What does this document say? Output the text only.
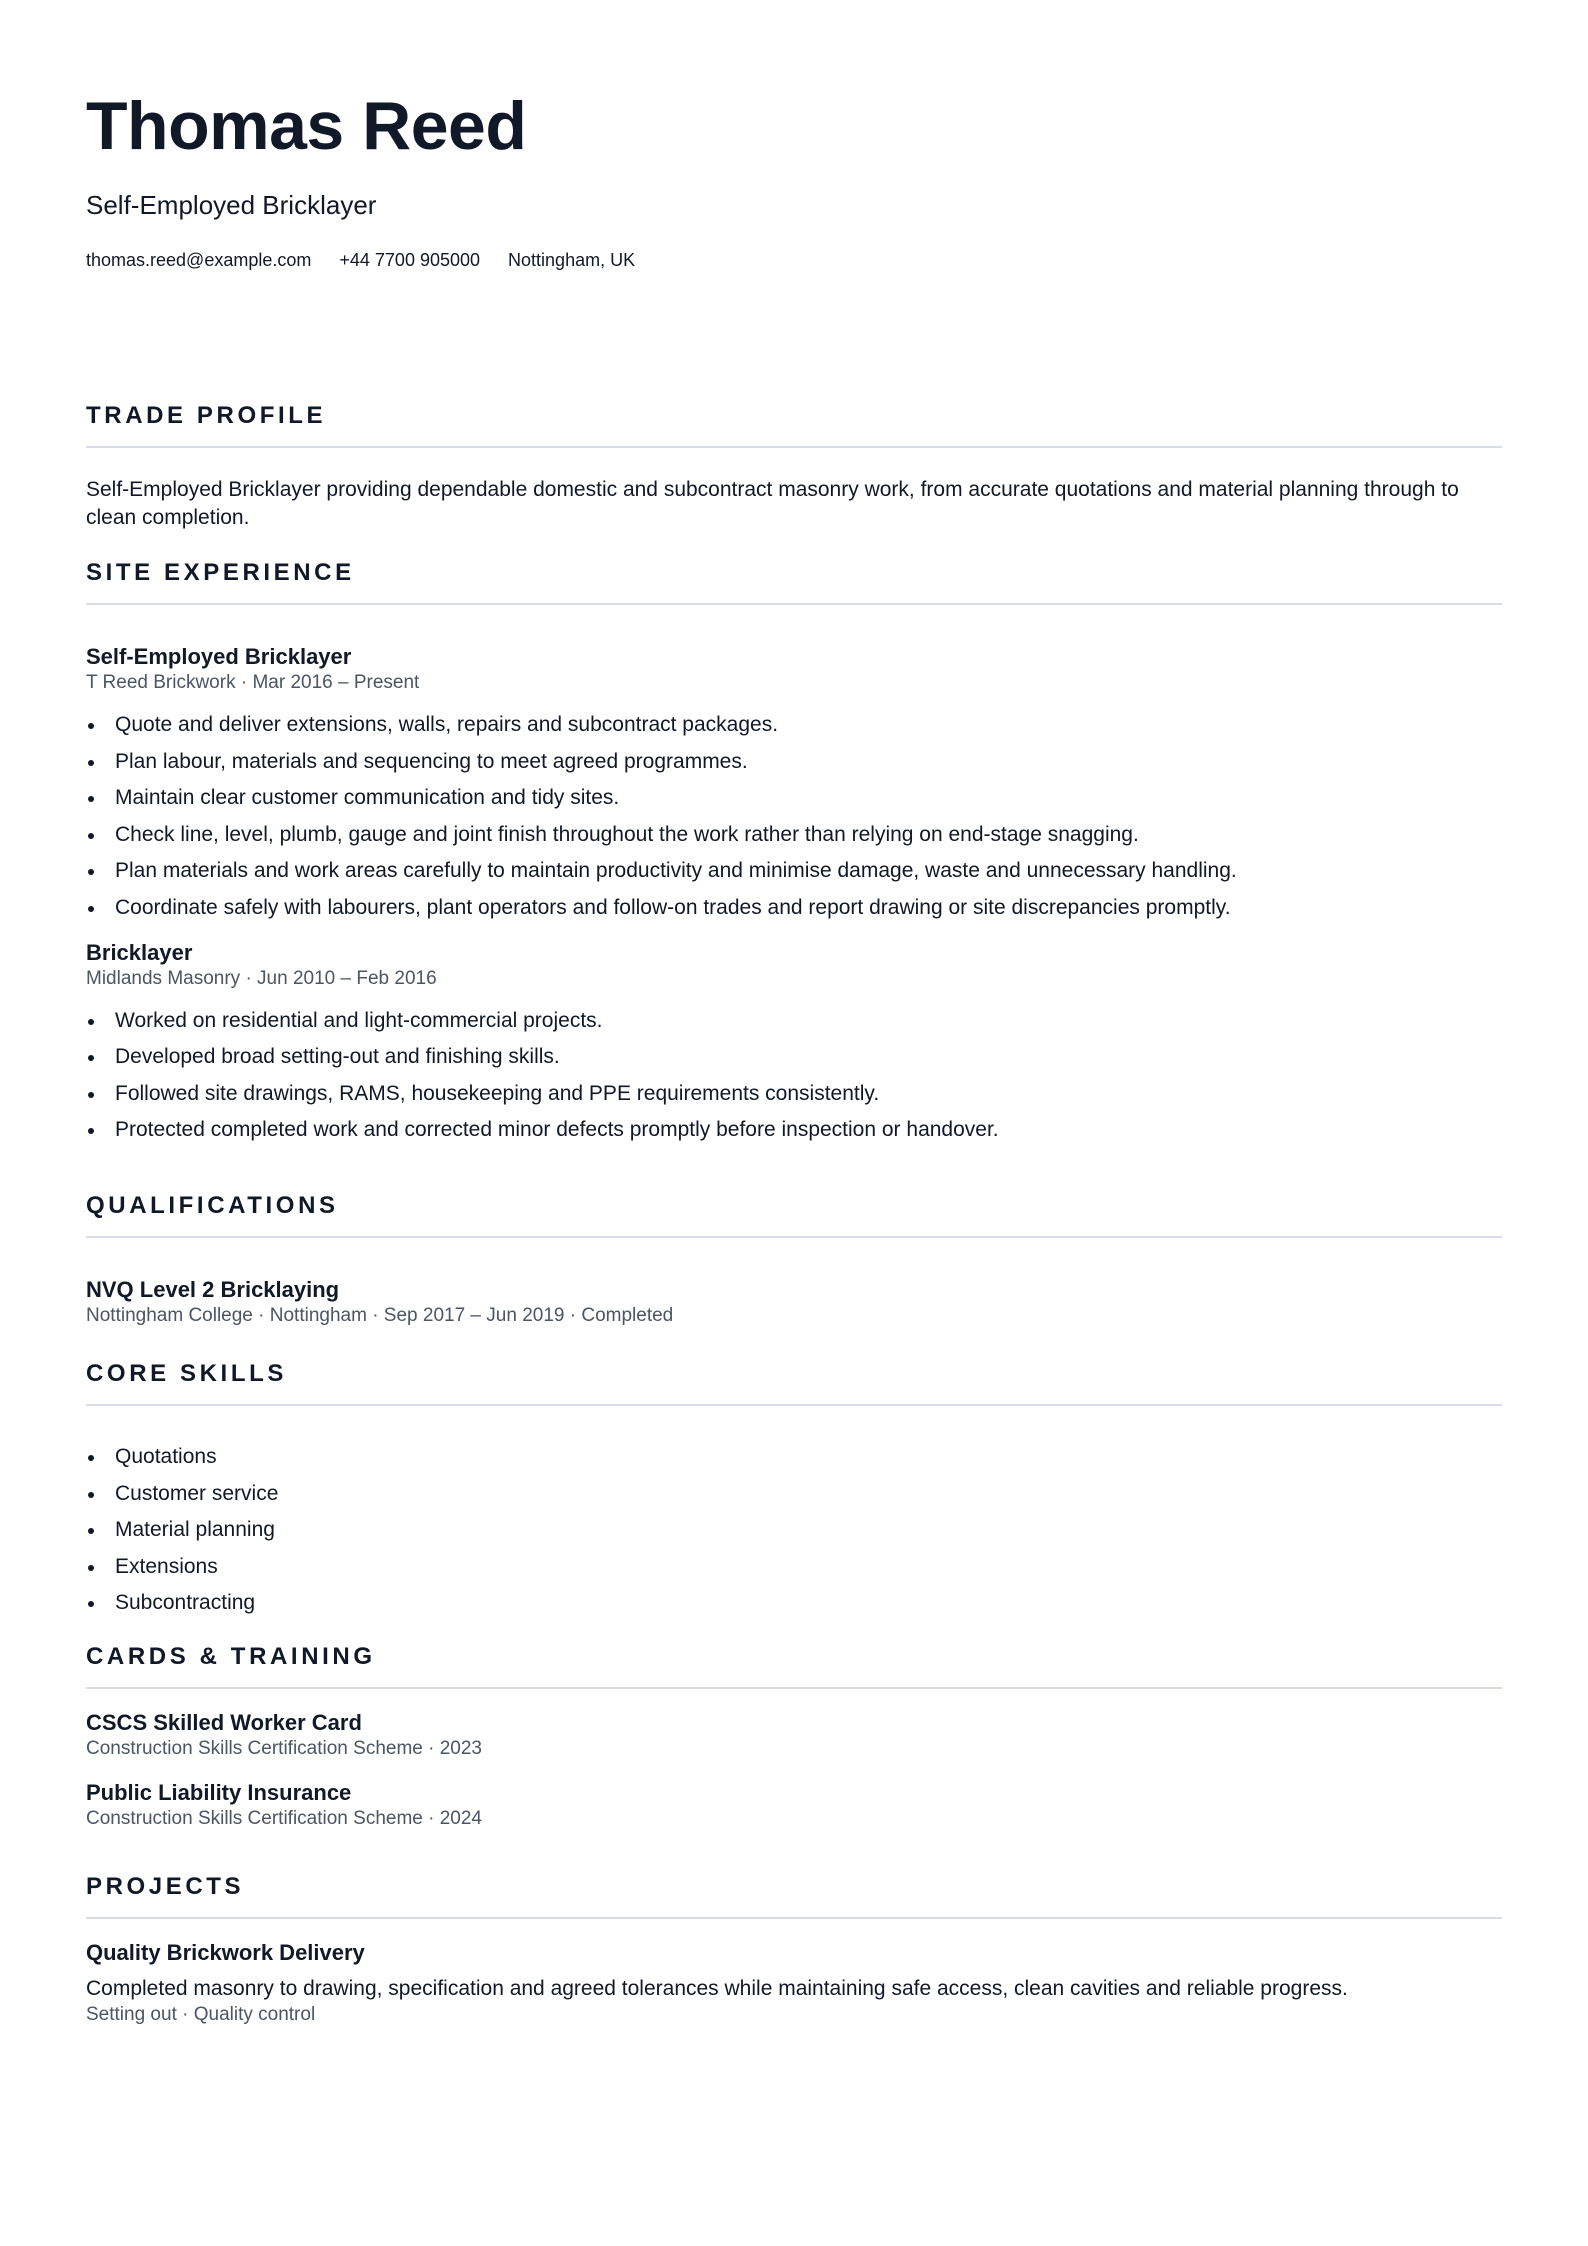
Thomas Reed
Self-Employed Bricklayer
thomas.reed@example.com +44 7700 905000 Nottingham, UK
TRADE PROFILE
Self-Employed Bricklayer providing dependable domestic and subcontract masonry work, from accurate quotations and material planning through to clean completion.
SITE EXPERIENCE
Self-Employed Bricklayer
T Reed Brickwork · Mar 2016 – Present
Quote and deliver extensions, walls, repairs and subcontract packages.
Plan labour, materials and sequencing to meet agreed programmes.
Maintain clear customer communication and tidy sites.
Check line, level, plumb, gauge and joint finish throughout the work rather than relying on end-stage snagging.
Plan materials and work areas carefully to maintain productivity and minimise damage, waste and unnecessary handling.
Coordinate safely with labourers, plant operators and follow-on trades and report drawing or site discrepancies promptly.
Bricklayer
Midlands Masonry · Jun 2010 – Feb 2016
Worked on residential and light-commercial projects.
Developed broad setting-out and finishing skills.
Followed site drawings, RAMS, housekeeping and PPE requirements consistently.
Protected completed work and corrected minor defects promptly before inspection or handover.
QUALIFICATIONS
NVQ Level 2 Bricklaying
Nottingham College · Nottingham · Sep 2017 – Jun 2019 · Completed
CORE SKILLS
Quotations
Customer service
Material planning
Extensions
Subcontracting
CARDS & TRAINING
CSCS Skilled Worker Card
Construction Skills Certification Scheme · 2023
Public Liability Insurance
Construction Skills Certification Scheme · 2024
PROJECTS
Quality Brickwork Delivery
Completed masonry to drawing, specification and agreed tolerances while maintaining safe access, clean cavities and reliable progress.
Setting out · Quality control
